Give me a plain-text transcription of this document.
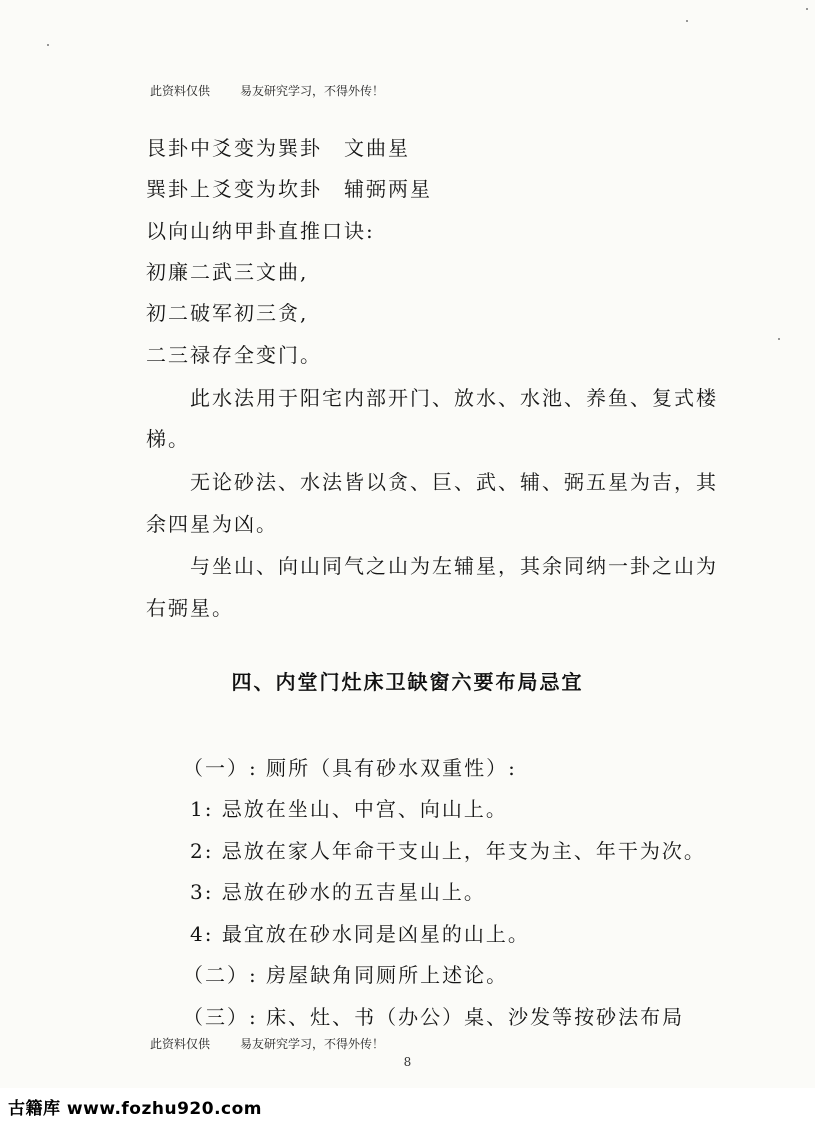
此资料仅供	易友研究学习，不得外传！
艮卦中爻变为巽卦　文曲星
巽卦上爻变为坎卦　辅弼两星
以向山纳甲卦直推口诀:
初廉二武三文曲,
初二破军初三贪,
二三禄存全变门。
此水法用于阳宅内部开门、放水、水池、养鱼、复式楼
梯。
无论砂法、水法皆以贪、巨、武、辅、弼五星为吉，其
余四星为凶。
与坐山、向山同气之山为左辅星，其余同纳一卦之山为
右弼星。
四、内堂门灶床卫缺窗六要布局忌宜
（一）: 厕所（具有砂水双重性）:
1: 忌放在坐山、中宫、向山上。
2: 忌放在家人年命干支山上，年支为主、年干为次。
3: 忌放在砂水的五吉星山上。
4: 最宜放在砂水同是凶星的山上。
（二）: 房屋缺角同厕所上述论。
（三）: 床、灶、书（办公）桌、沙发等按砂法布局
此资料仅供	易友研究学习，不得外传！
8
古籍库 www.fozhu920.com
